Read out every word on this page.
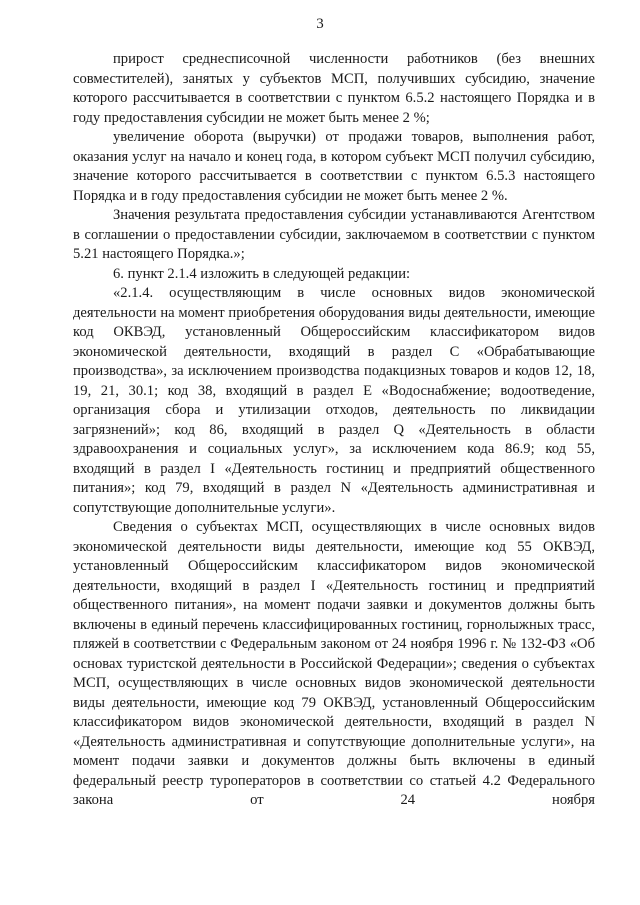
3

прирост среднесписочной численности работников (без внешних совместителей), занятых у субъектов МСП, получивших субсидию, значение которого рассчитывается в соответствии с пунктом 6.5.2 настоящего Порядка и в году предоставления субсидии не может быть менее 2 %;

увеличение оборота (выручки) от продажи товаров, выполнения работ, оказания услуг на начало и конец года, в котором субъект МСП получил субсидию, значение которого рассчитывается в соответствии с пунктом 6.5.3 настоящего Порядка и в году предоставления субсидии не может быть менее 2 %.

Значения результата предоставления субсидии устанавливаются Агентством в соглашении о предоставлении субсидии, заключаемом в соответствии с пунктом 5.21 настоящего Порядка.»;

6. пункт 2.1.4 изложить в следующей редакции:

«2.1.4. осуществляющим в числе основных видов экономической деятельности на момент приобретения оборудования виды деятельности, имеющие код ОКВЭД, установленный Общероссийским классификатором видов экономической деятельности, входящий в раздел С «Обрабатывающие производства», за исключением производства подакцизных товаров и кодов 12, 18, 19, 21, 30.1; код 38, входящий в раздел Е «Водоснабжение; водоотведение, организация сбора и утилизации отходов, деятельность по ликвидации загрязнений»; код 86, входящий в раздел Q «Деятельность в области здравоохранения и социальных услуг», за исключением кода 86.9; код 55, входящий в раздел I «Деятельность гостиниц и предприятий общественного питания»; код 79, входящий в раздел N «Деятельность административная и сопутствующие дополнительные услуги».

Сведения о субъектах МСП, осуществляющих в числе основных видов экономической деятельности виды деятельности, имеющие код 55 ОКВЭД, установленный Общероссийским классификатором видов экономической деятельности, входящий в раздел I «Деятельность гостиниц и предприятий общественного питания», на момент подачи заявки и документов должны быть включены в единый перечень классифицированных гостиниц, горнолыжных трасс, пляжей в соответствии с Федеральным законом от 24 ноября 1996 г. № 132-ФЗ «Об основах туристской деятельности в Российской Федерации»; сведения о субъектах МСП, осуществляющих в числе основных видов экономической деятельности виды деятельности, имеющие код 79 ОКВЭД, установленный Общероссийским классификатором видов экономической деятельности, входящий в раздел N «Деятельность административная и сопутствующие дополнительные услуги», на момент подачи заявки и документов должны быть включены в единый федеральный реестр туроператоров в соответствии со статьей 4.2 Федерального закона от 24 ноября
